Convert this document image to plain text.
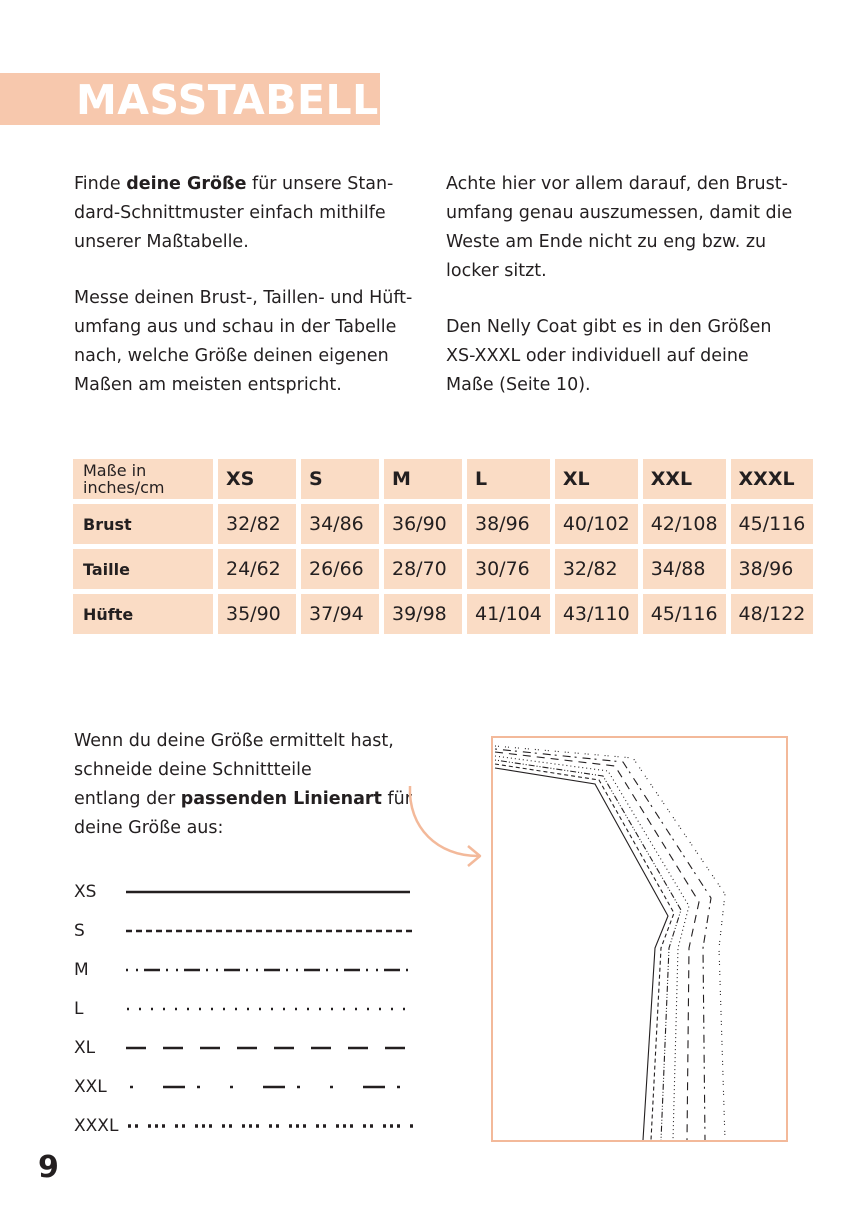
MASSTABELLE
Finde deine Größe für unsere Stan-
dard-Schnittmuster einfach mithilfe
unserer Maßtabelle.
Messe deinen Brust-, Taillen- und Hüft-
umfang aus und schau in der Tabelle
nach, welche Größe deinen eigenen
Maßen am meisten entspricht.
Achte hier vor allem darauf, den Brust-
umfang genau auszumessen, damit die
Weste am Ende nicht zu eng bzw. zu
locker sitzt.
Den Nelly Coat gibt es in den Größen
XS-XXXL oder individuell auf deine
Maße (Seite 10).
Maße in
inches/cm	XS	S	M	L	XL	XXL	XXXL
Brust	32/82	34/86	36/90	38/96	40/102	42/108	45/116
Taille	24/62	26/66	28/70	30/76	32/82	34/88	38/96
Hüfte	35/90	37/94	39/98	41/104	43/110	45/116	48/122
Wenn du deine Größe ermittelt hast,
schneide deine Schnittteile
entlang der passenden Linienart für
deine Größe aus:
XS
S
M
L
XL
XXL
XXXL
9
